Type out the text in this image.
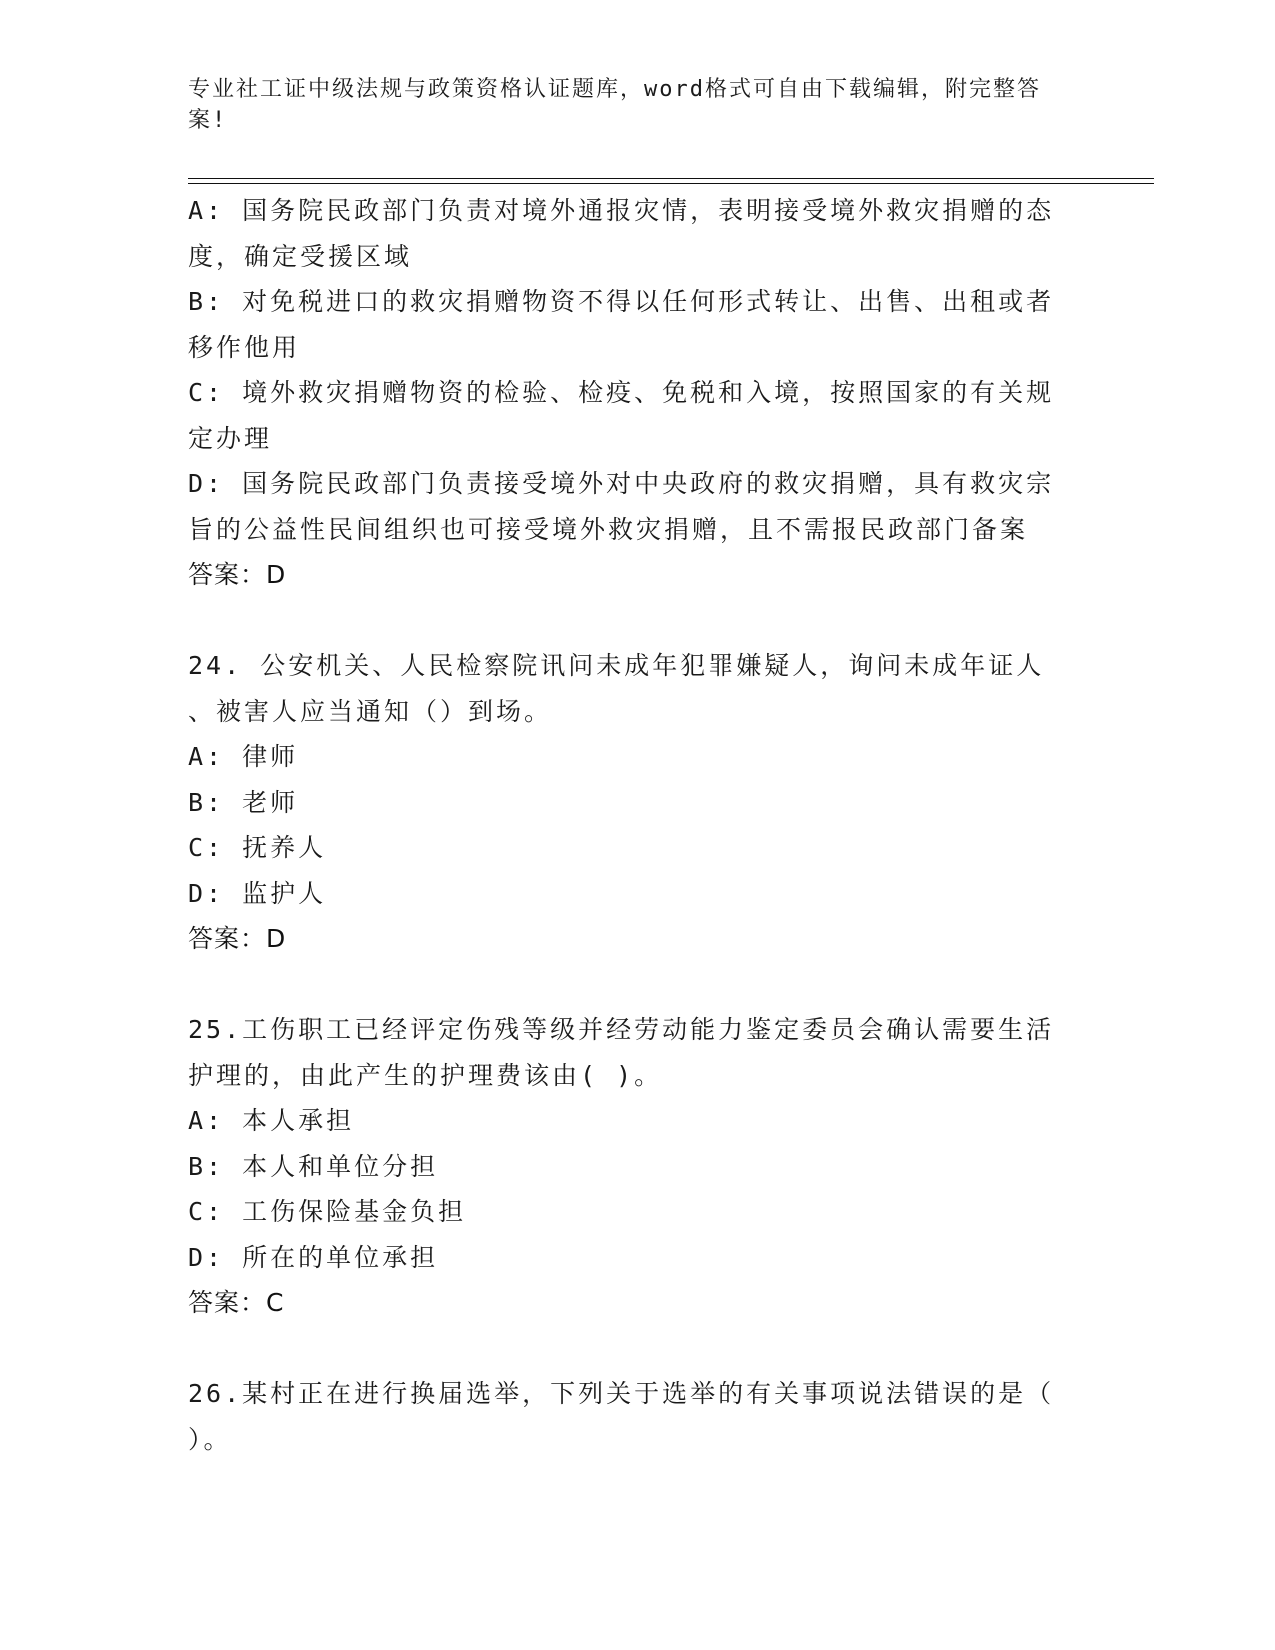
专业社工证中级法规与政策资格认证题库，word格式可自由下载编辑，附完整答
案!
A: 国务院民政部门负责对境外通报灾情，表明接受境外救灾捐赠的态
度，确定受援区域
B: 对免税进口的救灾捐赠物资不得以任何形式转让、出售、出租或者
移作他用
C: 境外救灾捐赠物资的检验、检疫、免税和入境，按照国家的有关规
定办理
D: 国务院民政部门负责接受境外对中央政府的救灾捐赠，具有救灾宗
旨的公益性民间组织也可接受境外救灾捐赠，且不需报民政部门备案
答案：D
24. 公安机关、人民检察院讯问未成年犯罪嫌疑人，询问未成年证人
、被害人应当通知（）到场。
A: 律师
B: 老师
C: 抚养人
D: 监护人
答案：D
25.工伤职工已经评定伤残等级并经劳动能力鉴定委员会确认需要生活
护理的，由此产生的护理费该由( )。
A: 本人承担
B: 本人和单位分担
C: 工伤保险基金负担
D: 所在的单位承担
答案：C
26.某村正在进行换届选举，下列关于选举的有关事项说法错误的是（
）。
